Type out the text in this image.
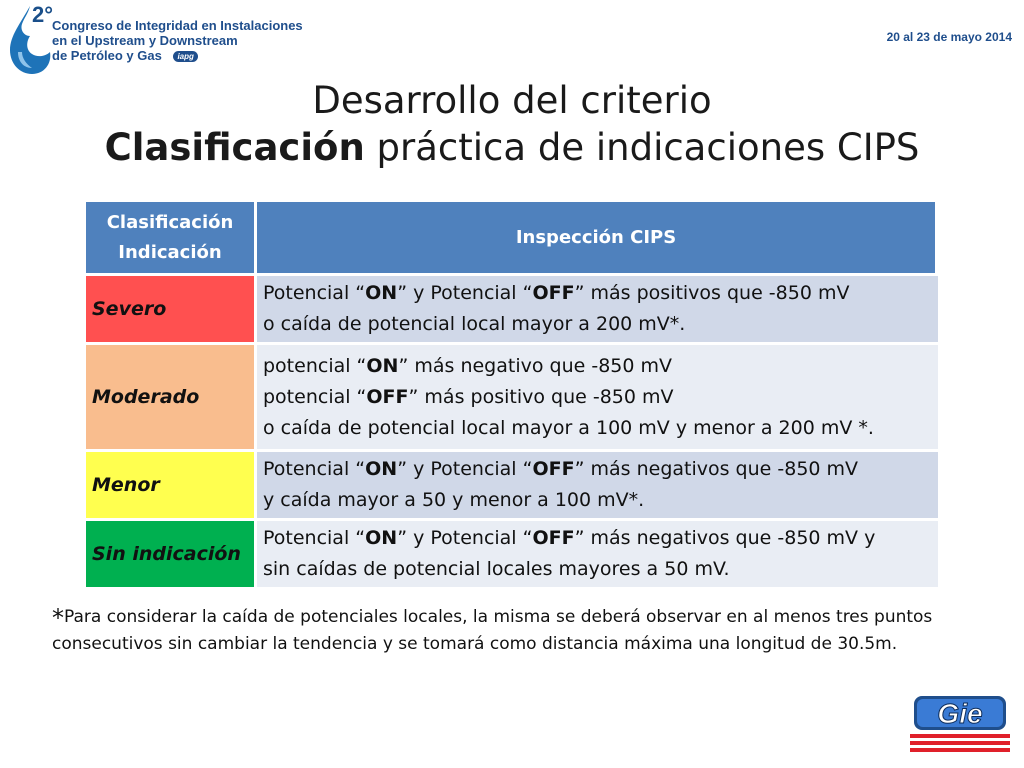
2°
Congreso de Integridad en Instalaciones
en el Upstream y Downstream
de Petróleo y Gas iapg
20 al 23 de mayo 2014
Desarrollo del criterio
Clasificación práctica de indicaciones CIPS
Clasificación
Indicación	Inspección CIPS
Severo	Potencial “ON” y Potencial “OFF” más positivos que -850 mV
o caída de potencial local mayor a 200 mV*.

Moderado	potencial “ON” más negativo que -850 mV
potencial “OFF” más positivo que -850 mV
o caída de potencial local mayor a 100 mV y menor a 200 mV *.

Menor	Potencial “ON” y Potencial “OFF” más negativos que -850 mV
y caída mayor a 50 y menor a 100 mV*.

Sin indicación	Potencial “ON” y Potencial “OFF” más negativos que -850 mV y
sin caídas de potencial locales mayores a 50 mV.
*Para considerar la caída de potenciales locales, la misma se deberá observar en al menos tres puntos consecutivos sin cambiar la tendencia y se tomará como distancia máxima una longitud de 30.5m.
Gie
